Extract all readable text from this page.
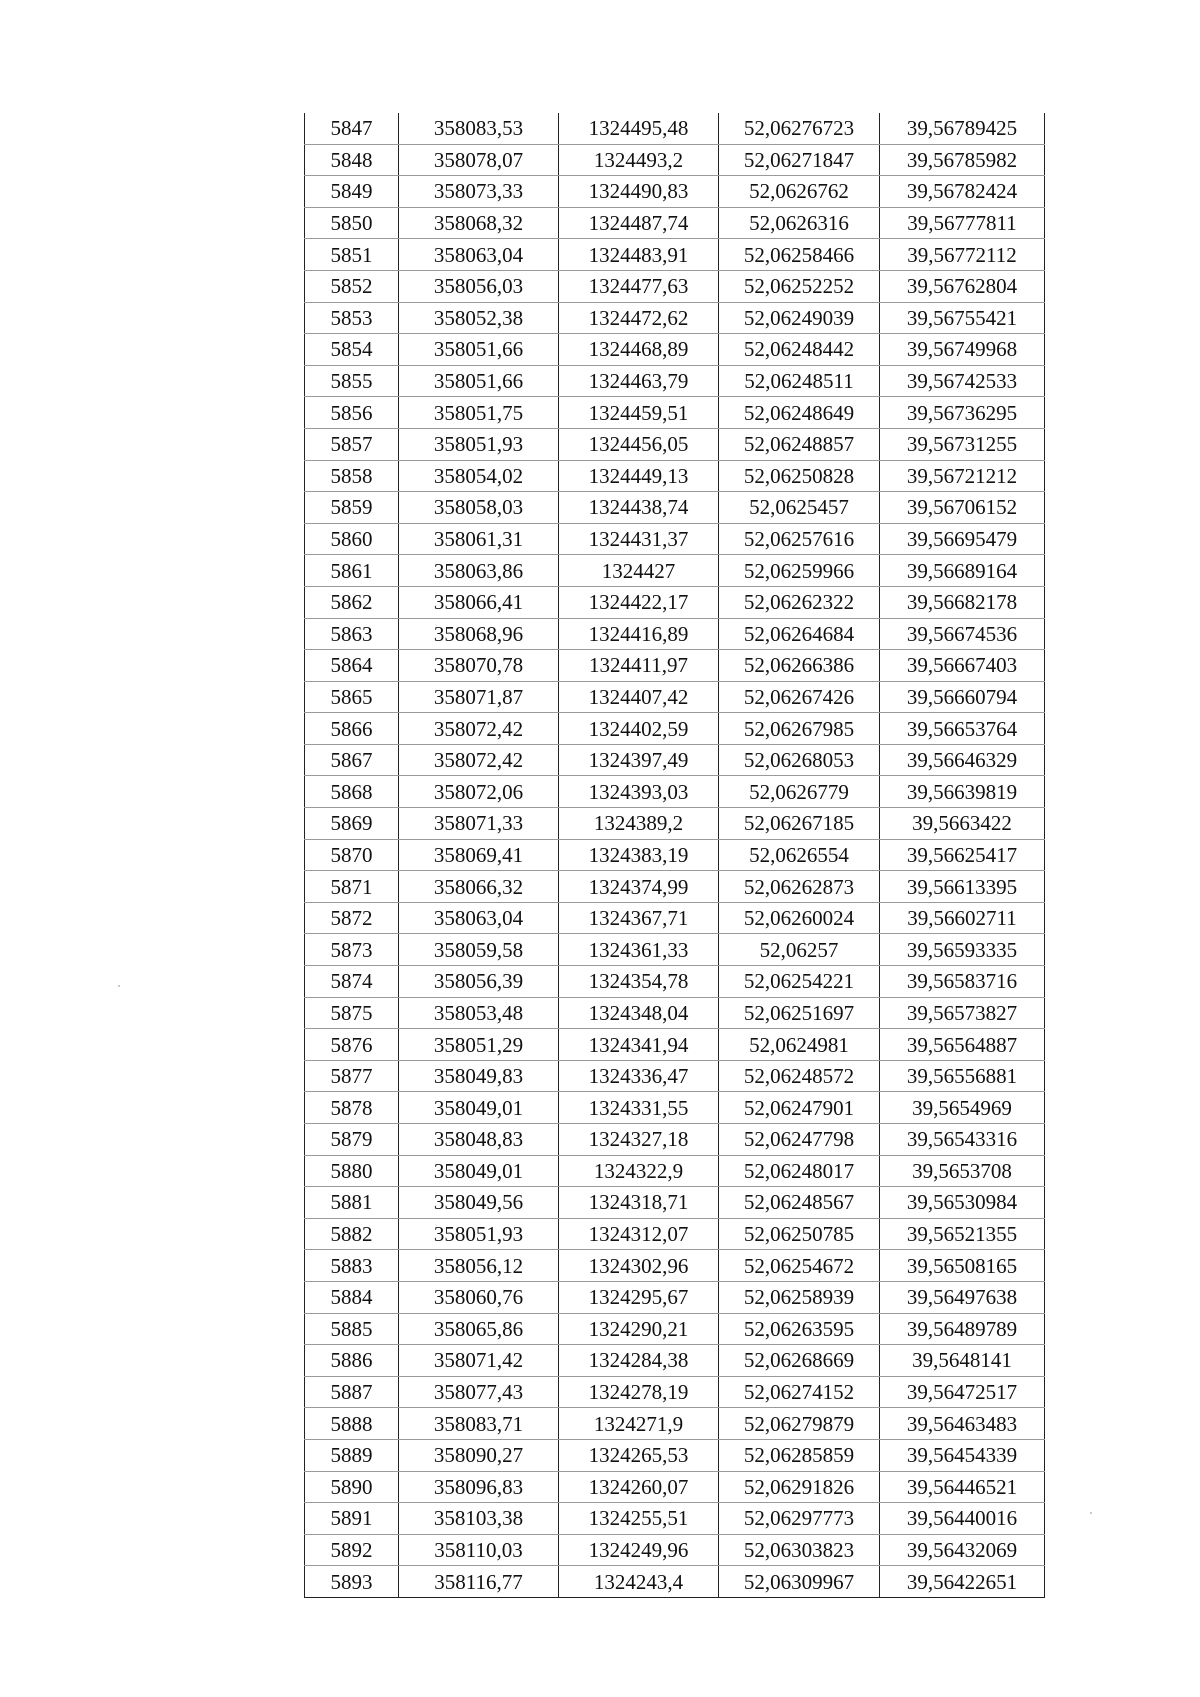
5847	358083,53	1324495,48	52,06276723	39,56789425
5848	358078,07	1324493,2	52,06271847	39,56785982
5849	358073,33	1324490,83	52,0626762	39,56782424
5850	358068,32	1324487,74	52,0626316	39,56777811
5851	358063,04	1324483,91	52,06258466	39,56772112
5852	358056,03	1324477,63	52,06252252	39,56762804
5853	358052,38	1324472,62	52,06249039	39,56755421
5854	358051,66	1324468,89	52,06248442	39,56749968
5855	358051,66	1324463,79	52,06248511	39,56742533
5856	358051,75	1324459,51	52,06248649	39,56736295
5857	358051,93	1324456,05	52,06248857	39,56731255
5858	358054,02	1324449,13	52,06250828	39,56721212
5859	358058,03	1324438,74	52,0625457	39,56706152
5860	358061,31	1324431,37	52,06257616	39,56695479
5861	358063,86	1324427	52,06259966	39,56689164
5862	358066,41	1324422,17	52,06262322	39,56682178
5863	358068,96	1324416,89	52,06264684	39,56674536
5864	358070,78	1324411,97	52,06266386	39,56667403
5865	358071,87	1324407,42	52,06267426	39,56660794
5866	358072,42	1324402,59	52,06267985	39,56653764
5867	358072,42	1324397,49	52,06268053	39,56646329
5868	358072,06	1324393,03	52,0626779	39,56639819
5869	358071,33	1324389,2	52,06267185	39,5663422
5870	358069,41	1324383,19	52,0626554	39,56625417
5871	358066,32	1324374,99	52,06262873	39,56613395
5872	358063,04	1324367,71	52,06260024	39,56602711
5873	358059,58	1324361,33	52,06257	39,56593335
5874	358056,39	1324354,78	52,06254221	39,56583716
5875	358053,48	1324348,04	52,06251697	39,56573827
5876	358051,29	1324341,94	52,0624981	39,56564887
5877	358049,83	1324336,47	52,06248572	39,56556881
5878	358049,01	1324331,55	52,06247901	39,5654969
5879	358048,83	1324327,18	52,06247798	39,56543316
5880	358049,01	1324322,9	52,06248017	39,5653708
5881	358049,56	1324318,71	52,06248567	39,56530984
5882	358051,93	1324312,07	52,06250785	39,56521355
5883	358056,12	1324302,96	52,06254672	39,56508165
5884	358060,76	1324295,67	52,06258939	39,56497638
5885	358065,86	1324290,21	52,06263595	39,56489789
5886	358071,42	1324284,38	52,06268669	39,5648141
5887	358077,43	1324278,19	52,06274152	39,56472517
5888	358083,71	1324271,9	52,06279879	39,56463483
5889	358090,27	1324265,53	52,06285859	39,56454339
5890	358096,83	1324260,07	52,06291826	39,56446521
5891	358103,38	1324255,51	52,06297773	39,56440016
5892	358110,03	1324249,96	52,06303823	39,56432069
5893	358116,77	1324243,4	52,06309967	39,56422651
